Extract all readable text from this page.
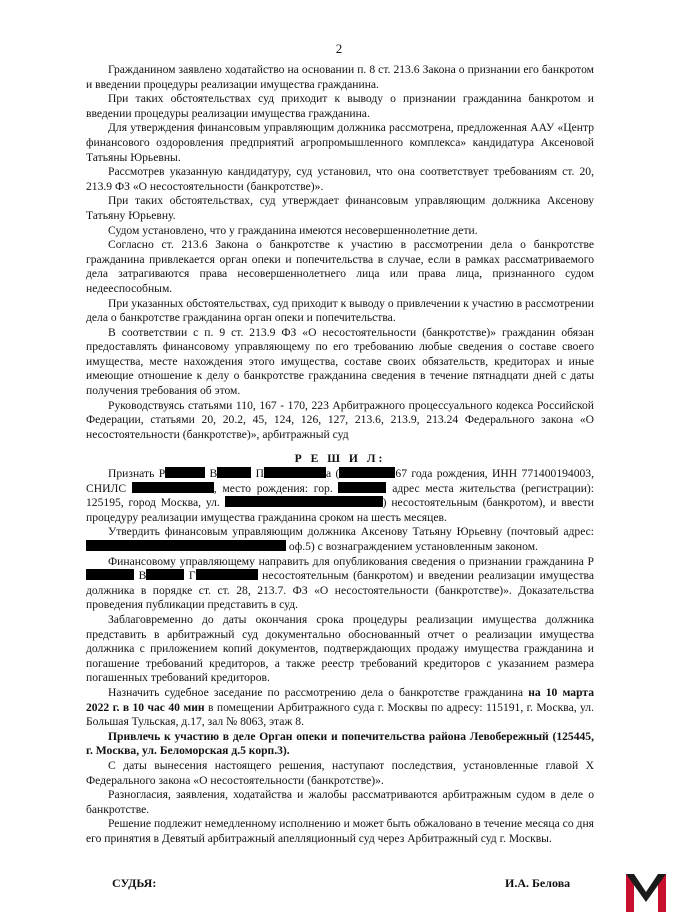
2

Гражданином заявлено ходатайство на основании п. 8 ст. 213.6 Закона о признании его банкротом и введении процедуры реализации имущества гражданина.

При таких обстоятельствах суд приходит к выводу о признании гражданина банкротом и введении процедуры реализации имущества гражданина.

Для утверждения финансовым управляющим должника рассмотрена, предложенная ААУ «Центр финансового оздоровления предприятий агропромышленного комплекса» кандидатура Аксеновой Татьяны Юрьевны.

Рассмотрев указанную кандидатуру, суд установил, что она соответствует требованиям ст. 20, 213.9 ФЗ «О несостоятельности (банкротстве)».

При таких обстоятельствах, суд утверждает финансовым управляющим должника Аксенову Татьяну Юрьевну.

Судом установлено, что у гражданина имеются несовершеннолетние дети.

Согласно ст. 213.6 Закона о банкротстве к участию в рассмотрении дела о банкротстве гражданина привлекается орган опеки и попечительства в случае, если в рамках рассматриваемого дела затрагиваются права несовершеннолетнего лица или права лица, признанного судом недееспособным.

При указанных обстоятельствах, суд приходит к выводу о привлечении к участию в рассмотрении дела о банкротстве гражданина орган опеки и попечительства.

В соответствии с п. 9 ст. 213.9 ФЗ «О несостоятельности (банкротстве)» гражданин обязан предоставлять финансовому управляющему по его требованию любые сведения о составе своего имущества, месте нахождения этого имущества, составе своих обязательств, кредиторах и иные имеющие отношение к делу о банкротстве гражданина сведения в течение пятнадцати дней с даты получения требования об этом.

Руководствуясь статьями 110, 167 - 170, 223 Арбитражного процессуального кодекса Российской Федерации, статьями 20, 20.2, 45, 124, 126, 127, 213.6, 213.9, 213.24 Федерального закона «О несостоятельности (банкротстве)», арбитражный суд

Р Е Ш И Л:

Признать Р	В	П	а (	67 года рождения, ИНН 771400194003, СНИЛС	, место рождения: гор.	адрес места жительства (регистрации): 125195, город Москва, ул.	) несостоятельным (банкротом), и ввести процедуру реализации имущества гражданина сроком на шесть месяцев.

Утвердить финансовым управляющим должника Аксенову Татьяну Юрьевну (почтовый адрес:  оф.5) с вознаграждением установленным законом.

Финансовому управляющему направить для опубликования сведения о признании гражданина Р В	Г	несостоятельным (банкротом) и введении реализации имущества должника в порядке ст. ст. 28, 213.7. ФЗ «О несостоятельности (банкротстве)». Доказательства проведения публикации представить в суд.

Заблаговременно до даты окончания срока процедуры реализации имущества должника представить в арбитражный суд документально обоснованный отчет о реализации имущества должника с приложением копий документов, подтверждающих продажу имущества гражданина и погашение требований кредиторов, а также реестр требований кредиторов с указанием размера погашенных требований кредиторов.

Назначить судебное заседание по рассмотрению дела о банкротстве гражданина на 10 марта 2022 г. в 10 час 40 мин в помещении Арбитражного суда г. Москвы по адресу: 115191, г. Москва, ул. Большая Тульская, д.17, зал № 8063, этаж 8.

Привлечь к участию в деле Орган опеки и попечительства района Левобережный (125445, г. Москва, ул. Беломорская д.5 корп.3).

С даты вынесения настоящего решения, наступают последствия, установленные главой X Федерального закона «О несостоятельности (банкротстве)».

Разногласия, заявления, ходатайства и жалобы рассматриваются арбитражным судом в деле о банкротстве.

Решение подлежит немедленному исполнению и может быть обжаловано в течение месяца со дня его принятия в Девятый арбитражный апелляционный суд через Арбитражный суд г. Москвы.

СУДЬЯ:	И.А. Белова
